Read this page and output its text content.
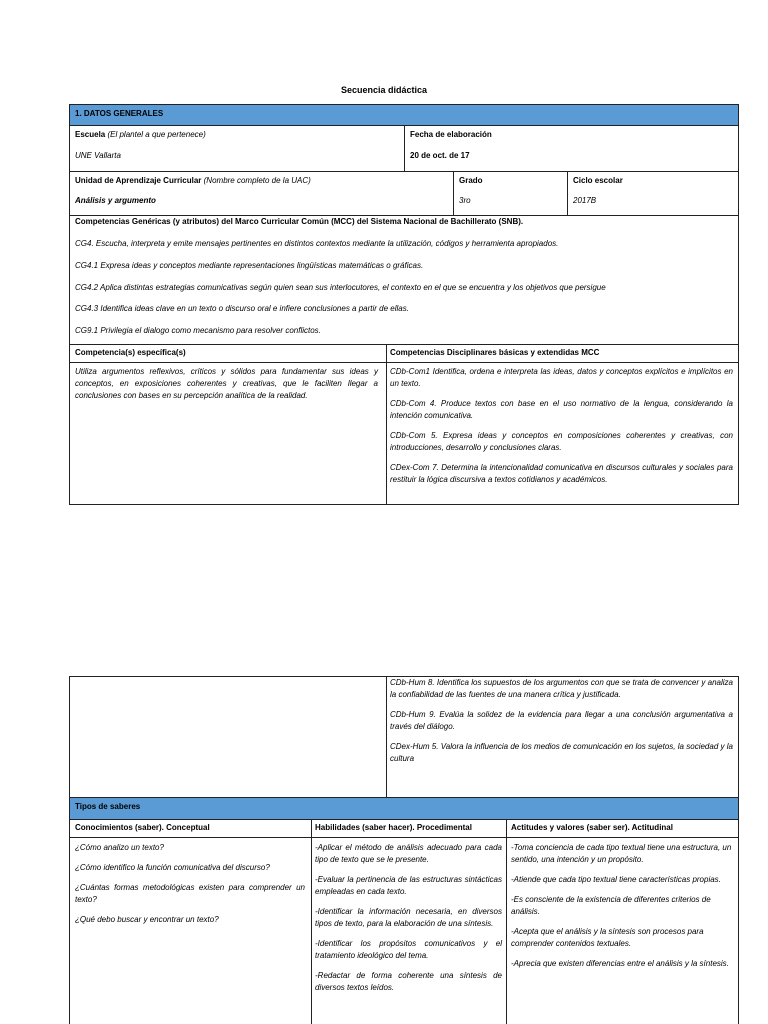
Secuencia didáctica
1. DATOS GENERALES
Escuela (El plantel a que pertenece)
UNE Vallarta
Fecha de elaboración
20 de oct. de 17
Unidad de Aprendizaje Curricular (Nombre completo de la UAC)
Análisis y argumento
Grado
3ro
Ciclo escolar
2017B
Competencias Genéricas (y atributos) del Marco Curricular Común (MCC) del Sistema Nacional de Bachillerato (SNB).
CG4. Escucha, interpreta y emite mensajes pertinentes en distintos contextos mediante la utilización, códigos y herramienta apropiados.
CG4.1 Expresa ideas y conceptos mediante representaciones lingüísticas matemáticas o gráficas.
CG4.2 Aplica distintas estrategias comunicativas según quien sean sus interlocutores, el contexto en el que se encuentra y los objetivos que persigue
CG4.3 Identifica ideas clave en un texto o discurso oral e infiere conclusiones a partir de ellas.
CG9.1 Privilegia el dialogo como mecanismo para resolver conflictos.
Competencia(s) específica(s)
Utiliza argumentos reflexivos, críticos y sólidos para fundamentar sus ideas y conceptos, en exposiciones coherentes y creativas, que le faciliten llegar a conclusiones con bases en su percepción analítica de la realidad.
Competencias Disciplinares básicas y extendidas MCC

CDb-Com1 Identifica, ordena e interpreta las ideas, datos y conceptos explícitos e implícitos en un texto.

CDb-Com 4. Produce textos con base en el uso normativo de la lengua, considerando la intención comunicativa.

CDb-Com 5. Expresa ideas y conceptos en composiciones coherentes y creativas, con introducciones, desarrollo y conclusiones claras.

CDex-Com 7. Determina la intencionalidad comunicativa en discursos culturales y sociales para restituir la lógica discursiva a textos cotidianos y académicos.

CDb-Hum 8. Identifica los supuestos de los argumentos con que se trata de convencer y analiza la confiabilidad de las fuentes de una manera crítica y justificada.

CDb-Hum 9. Evalúa la solidez de la evidencia para llegar a una conclusión argumentativa a través del diálogo.

CDex-Hum 5. Valora la influencia de los medios de comunicación en los sujetos, la sociedad y la cultura

Tipos de saberes
Conocimientos (saber). Conceptual	Habilidades (saber hacer). Procedimental	Actitudes y valores (saber ser). Actitudinal

¿Cómo analizo un texto?

¿Cómo identifico la función comunicativa del discurso?

¿Cuántas formas metodológicas existen para comprender un texto?

¿Qué debo buscar y encontrar un texto?

-Aplicar el método de análisis adecuado para cada tipo de texto que se le presente.

-Evaluar la pertinencia de las estructuras sintácticas empleadas en cada texto.

-Identificar la información necesaria, en diversos tipos de texto, para la elaboración de una síntesis.

-Identificar los propósitos comunicativos y el tratamiento ideológico del tema.

-Redactar de forma coherente una síntesis de diversos textos leídos.

-Toma conciencia de cada tipo textual tiene una estructura, un sentido, una intención y un propósito.

-Atiende que cada tipo textual tiene características propias.

-Es consciente de la existencia de diferentes criterios de análisis.

-Acepta que el análisis y la síntesis son procesos para comprender contenidos textuales.

-Aprecia que existen diferencias entre el análisis y la síntesis.
